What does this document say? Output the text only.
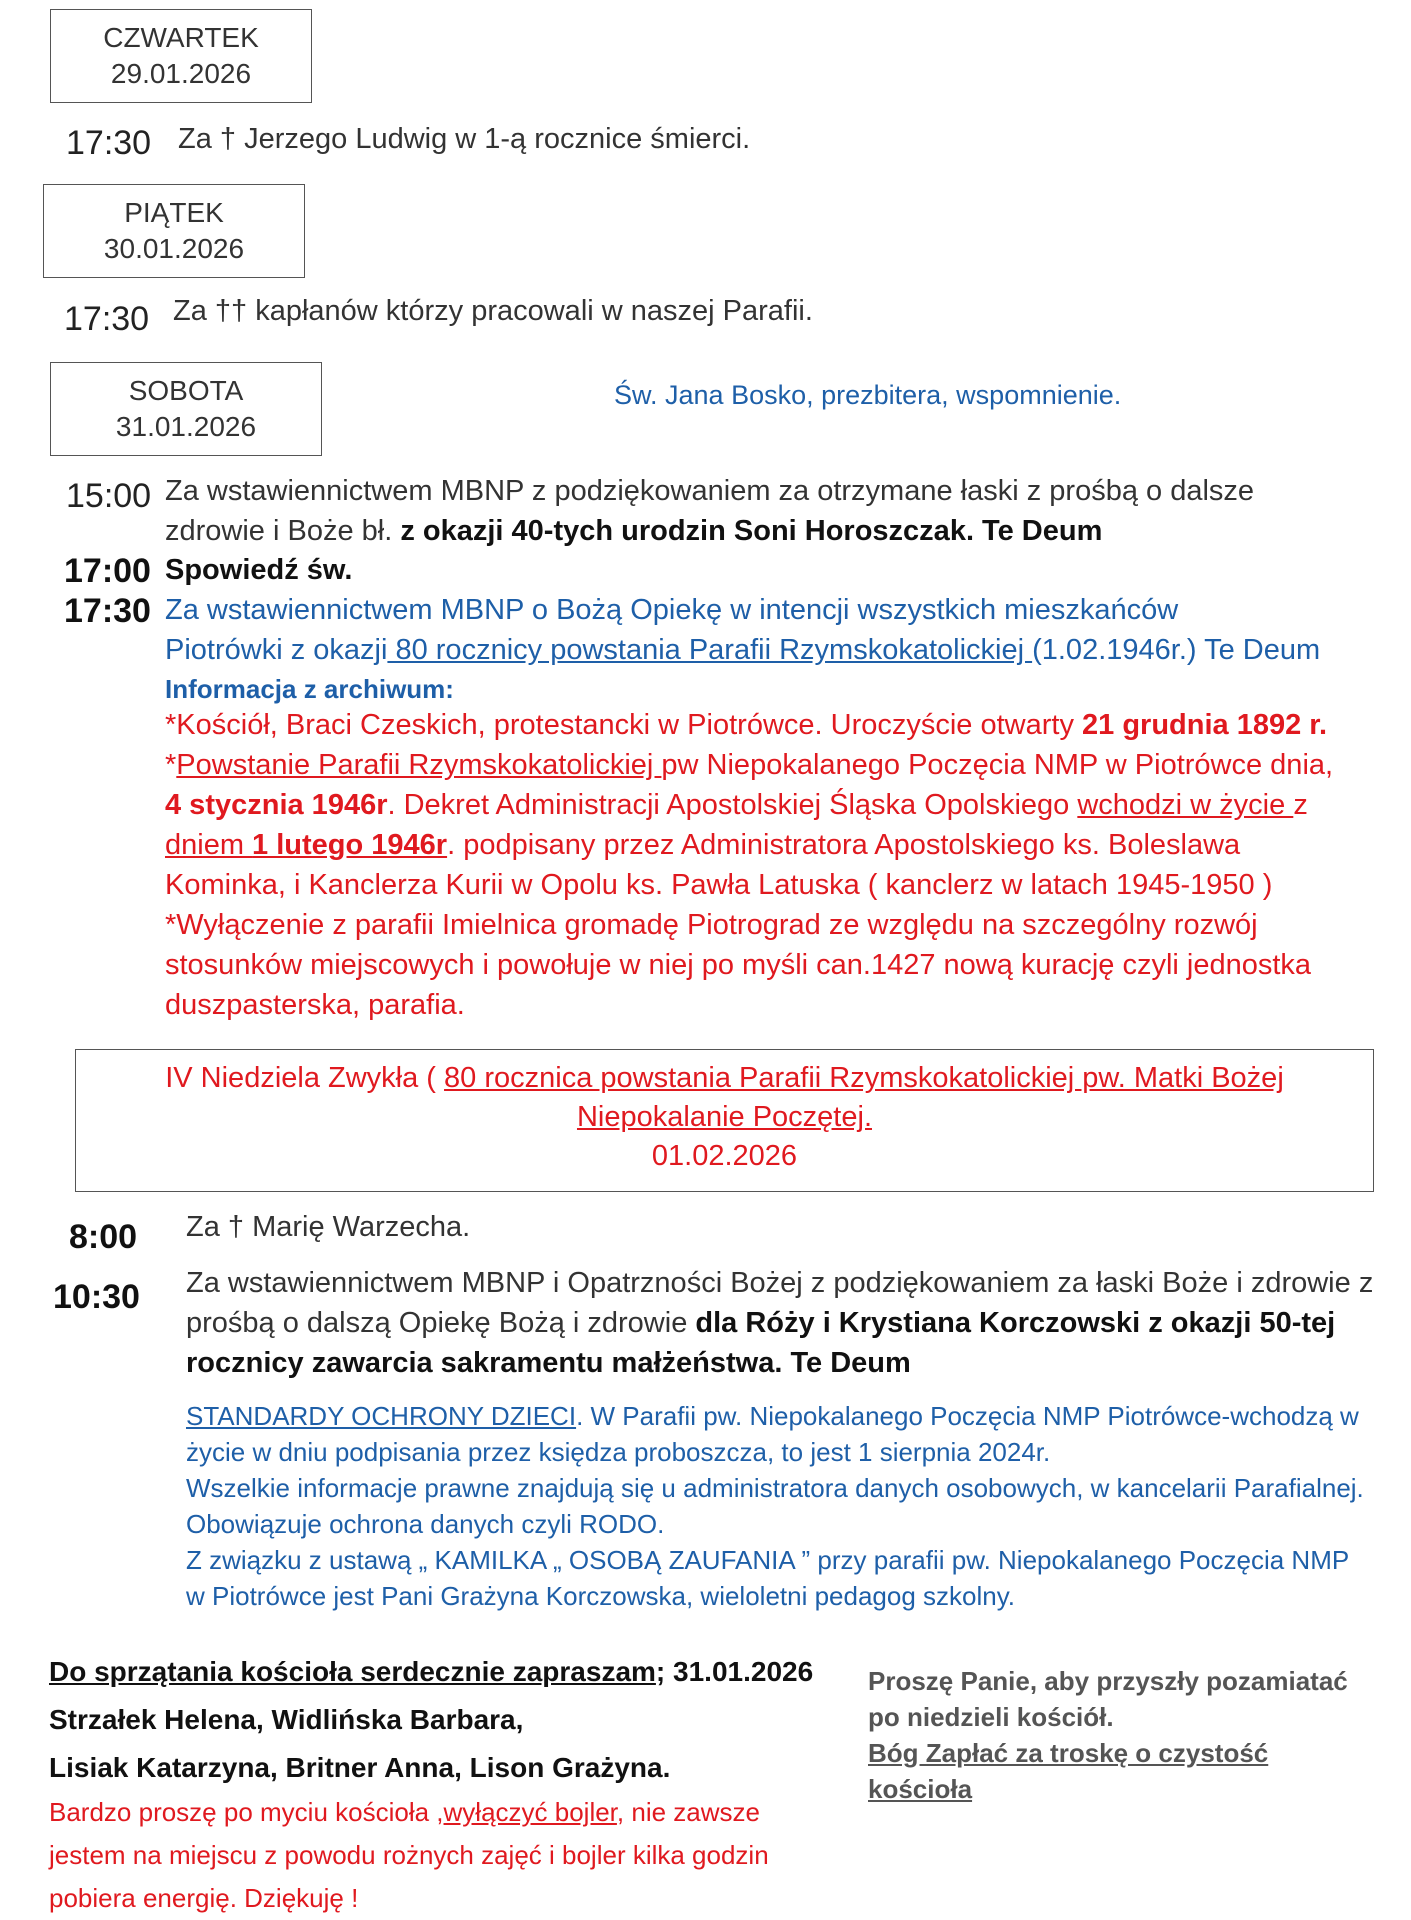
CZWARTEK
29.01.2026
17:30 Za † Jerzego Ludwig w 1-ą rocznice śmierci.
PIĄTEK
30.01.2026
17:30 Za †† kapłanów którzy pracowali w naszej Parafii.
SOBOTA
31.01.2026
Św. Jana Bosko, prezbitera, wspomnienie.
15:00 Za wstawiennictwem MBNP z podziękowaniem za otrzymane łaski z prośbą o dalsze
zdrowie i Boże bł. z okazji 40-tych urodzin Soni Horoszczak. Te Deum
17:00 Spowiedź św.
17:30 Za wstawiennictwem MBNP o Bożą Opiekę w intencji wszystkich mieszkańców
Piotrówki z okazji 80 rocznicy powstania Parafii Rzymskokatolickiej (1.02.1946r.) Te Deum
Informacja z archiwum:
*Kościół, Braci Czeskich, protestancki w Piotrówce. Uroczyście otwarty 21 grudnia 1892 r.
*Powstanie Parafii Rzymskokatolickiej pw Niepokalanego Poczęcia NMP w Piotrówce dnia,
4 stycznia 1946r. Dekret Administracji Apostolskiej Śląska Opolskiego wchodzi w życie z
dniem 1 lutego 1946r. podpisany przez Administratora Apostolskiego ks. Boleslawa
Kominka, i Kanclerza Kurii w Opolu ks. Pawła Latuska ( kanclerz w latach 1945-1950 )
*Wyłączenie z parafii Imielnica gromadę Piotrograd ze względu na szczególny rozwój
stosunków miejscowych i powołuje w niej po myśli can.1427 nową kurację czyli jednostka
duszpasterska, parafia.
IV Niedziela Zwykła ( 80 rocznica powstania Parafii Rzymskokatolickiej pw. Matki Bożej
Niepokalanie Poczętej.
01.02.2026
8:00 Za † Marię Warzecha.
10:30 Za wstawiennictwem MBNP i Opatrzności Bożej z podziękowaniem za łaski Boże i zdrowie z
prośbą o dalszą Opiekę Bożą i zdrowie dla Róży i Krystiana Korczowski z okazji 50-tej
rocznicy zawarcia sakramentu małżeństwa. Te Deum
STANDARDY OCHRONY DZIECI. W Parafii pw. Niepokalanego Poczęcia NMP Piotrówce-wchodzą w
życie w dniu podpisania przez księdza proboszcza, to jest 1 sierpnia 2024r.
Wszelkie informacje prawne znajdują się u administratora danych osobowych, w kancelarii Parafialnej.
Obowiązuje ochrona danych czyli RODO.
Z związku z ustawą „ KAMILKA „ OSOBĄ ZAUFANIA ” przy parafii pw. Niepokalanego Poczęcia NMP
w Piotrówce jest Pani Grażyna Korczowska, wieloletni pedagog szkolny.
Do sprzątania kościoła serdecznie zapraszam; 31.01.2026
Strzałek Helena, Widlińska Barbara,
Lisiak Katarzyna, Britner Anna, Lison Grażyna.
Bardzo proszę po myciu kościoła ,wyłączyć bojler, nie zawsze
jestem na miejscu z powodu rożnych zajęć i bojler kilka godzin
pobiera energię. Dziękuję !
Proszę Panie, aby przyszły pozamiatać
po niedzieli kościół.
Bóg Zapłać za troskę o czystość
kościoła
